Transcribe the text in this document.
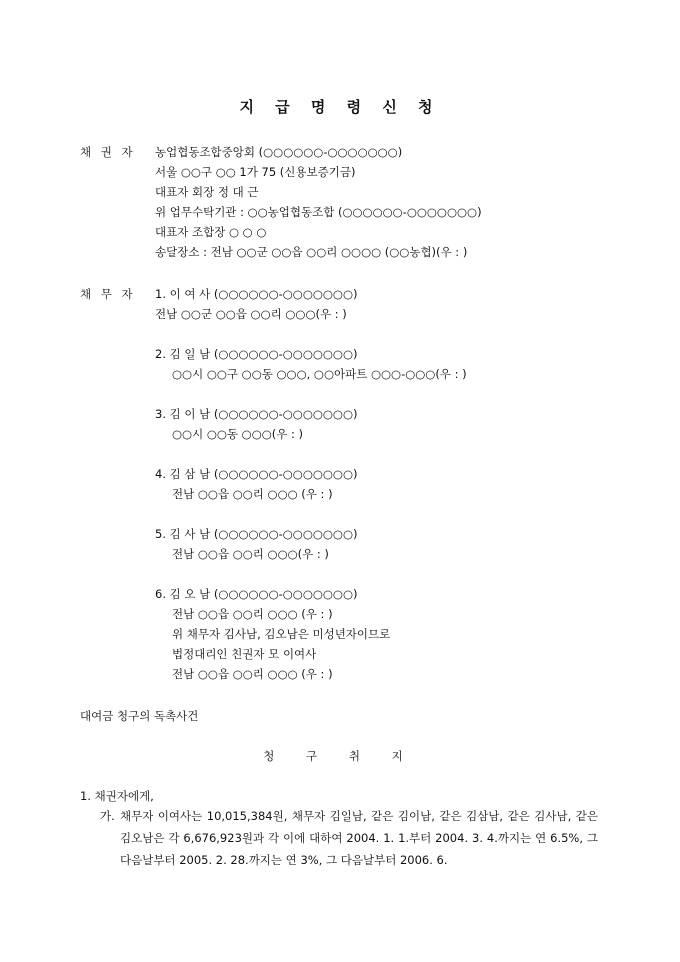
지 급 명 령 신 청
채 권 자 농업협동조합중앙회 (○○○○○○-○○○○○○○)
서울 ○○구 ○○ 1가 75 (신용보증기금)
대표자 회장 정 대 근
위 업무수탁기관 : ○○농업협동조합 (○○○○○○-○○○○○○○)
대표자 조합장 ○ ○ ○
송달장소 : 전남 ○○군 ○○읍 ○○리 ○○○○ (○○농협)(우 : )
채 무 자 1. 이 여 사 (○○○○○○-○○○○○○○)
전남 ○○군 ○○읍 ○○리 ○○○(우 : )
2. 김 일 남 (○○○○○○-○○○○○○○)
○○시 ○○구 ○○동 ○○○, ○○아파트 ○○○-○○○(우 : )
3. 김 이 남 (○○○○○○-○○○○○○○)
○○시 ○○동 ○○○(우 : )
4. 김 삼 남 (○○○○○○-○○○○○○○)
전남 ○○읍 ○○리 ○○○ (우 : )
5. 김 사 남 (○○○○○○-○○○○○○○)
전남 ○○읍 ○○리 ○○○(우 : )
6. 김 오 남 (○○○○○○-○○○○○○○)
전남 ○○읍 ○○리 ○○○ (우 : )
위 채무자 김사남, 김오남은 미성년자이므로
법정대리인 친권자 모 이여사
전남 ○○읍 ○○리 ○○○ (우 : )
대여금 청구의 독촉사건
청 구 취 지
1. 채권자에게,
가. 채무자 이여사는 10,015,384원, 채무자 김일남, 같은 김이남, 같은 김삼남, 같은 김사남, 같은 김오남은 각 6,676,923원과 각 이에 대하여 2004. 1. 1.부터 2004. 3. 4.까지는 연 6.5%, 그 다음날부터 2005. 2. 28.까지는 연 3%, 그 다음날부터 2006. 6.
